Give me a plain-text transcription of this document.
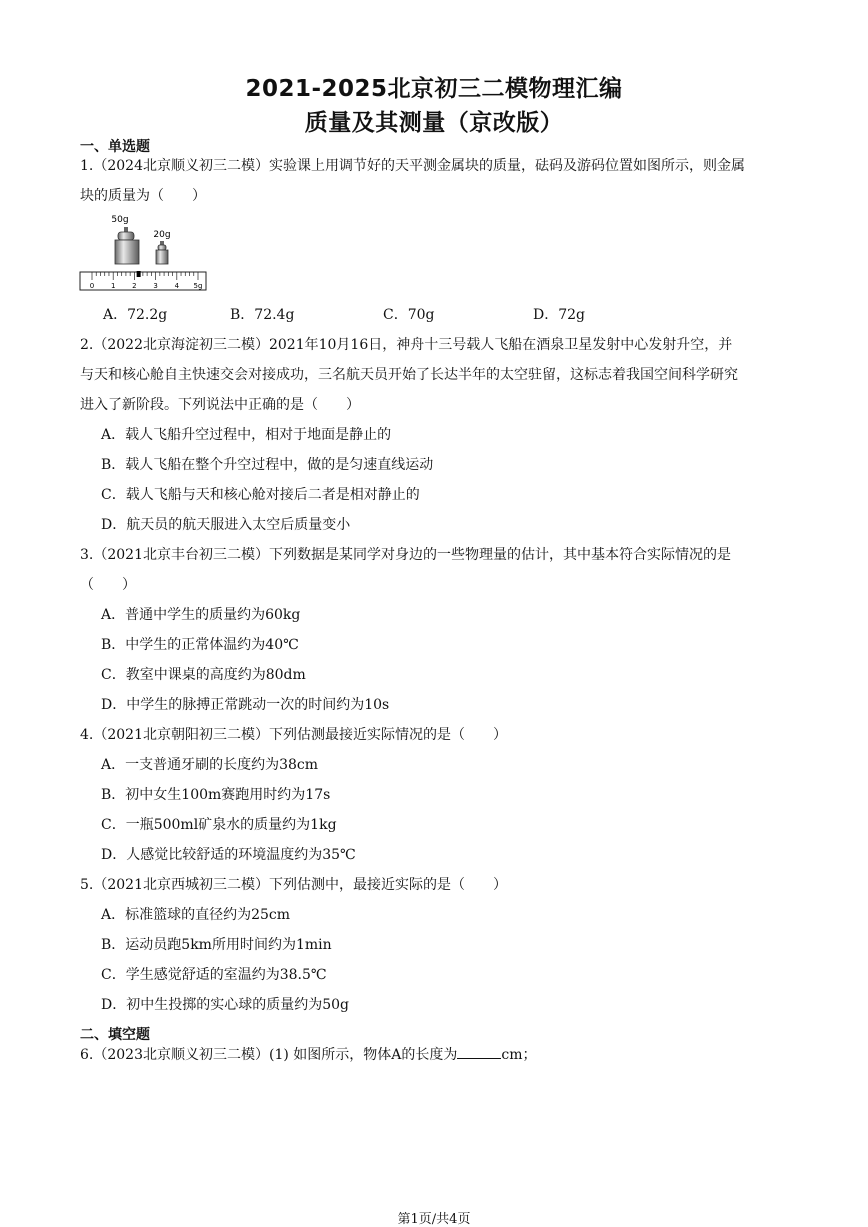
2021-2025北京初三二模物理汇编
质量及其测量（京改版）
一、单选题
1.（2024北京顺义初三二模）实验课上用调节好的天平测金属块的质量，砝码及游码位置如图所示，则金属
块的质量为（　　）
50g
20g
0 1 2 3 4 5g
A．72.2g	B．72.4g	C．70g	D．72g
2.（2022北京海淀初三二模）2021年10月16日，神舟十三号载人飞船在酒泉卫星发射中心发射升空，并
与天和核心舱自主快速交会对接成功，三名航天员开始了长达半年的太空驻留，这标志着我国空间科学研究
进入了新阶段。下列说法中正确的是（　　）
A．载人飞船升空过程中，相对于地面是静止的
B．载人飞船在整个升空过程中，做的是匀速直线运动
C．载人飞船与天和核心舱对接后二者是相对静止的
D．航天员的航天服进入太空后质量变小
3.（2021北京丰台初三二模）下列数据是某同学对身边的一些物理量的估计，其中基本符合实际情况的是
（　　）
A．普通中学生的质量约为60kg
B．中学生的正常体温约为40℃
C．教室中课桌的高度约为80dm
D．中学生的脉搏正常跳动一次的时间约为10s
4.（2021北京朝阳初三二模）下列估测最接近实际情况的是（　　）
A．一支普通牙刷的长度约为38cm
B．初中女生100m赛跑用时约为17s
C．一瓶500ml矿泉水的质量约为1kg
D．人感觉比较舒适的环境温度约为35℃
5.（2021北京西城初三二模）下列估测中，最接近实际的是（　　）
A．标准篮球的直径约为25cm
B．运动员跑5km所用时间约为1min
C．学生感觉舒适的室温约为38.5℃
D．初中生投掷的实心球的质量约为50g
二、填空题
6.（2023北京顺义初三二模）(1) 如图所示，物体A的长度为	cm；
第1页/共4页
